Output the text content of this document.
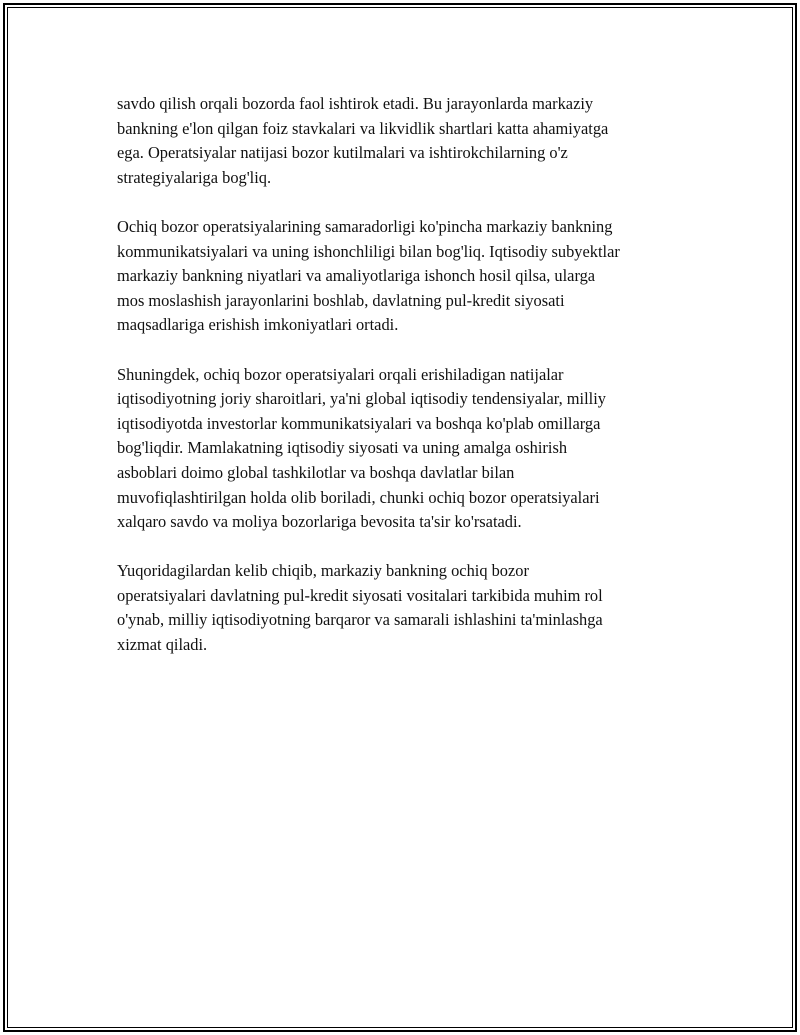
savdo qilish orqali bozorda faol ishtirok etadi. Bu jarayonlarda markaziy
bankning e'lon qilgan foiz stavkalari va likvidlik shartlari katta ahamiyatga
ega. Operatsiyalar natijasi bozor kutilmalari va ishtirokchilarning o'z
strategiyalariga bog'liq.

Ochiq bozor operatsiyalarining samaradorligi ko'pincha markaziy bankning
kommunikatsiyalari va uning ishonchliligi bilan bog'liq. Iqtisodiy subyektlar
markaziy bankning niyatlari va amaliyotlariga ishonch hosil qilsa, ularga
mos moslashish jarayonlarini boshlab, davlatning pul-kredit siyosati
maqsadlariga erishish imkoniyatlari ortadi.

Shuningdek, ochiq bozor operatsiyalari orqali erishiladigan natijalar
iqtisodiyotning joriy sharoitlari, ya'ni global iqtisodiy tendensiyalar, milliy
iqtisodiyotda investorlar kommunikatsiyalari va boshqa ko'plab omillarga
bog'liqdir. Mamlakatning iqtisodiy siyosati va uning amalga oshirish
asboblari doimo global tashkilotlar va boshqa davlatlar bilan
muvofiqlashtirilgan holda olib boriladi, chunki ochiq bozor operatsiyalari
xalqaro savdo va moliya bozorlariga bevosita ta'sir ko'rsatadi.

Yuqoridagilardan kelib chiqib, markaziy bankning ochiq bozor
operatsiyalari davlatning pul-kredit siyosati vositalari tarkibida muhim rol
o'ynab, milliy iqtisodiyotning barqaror va samarali ishlashini ta'minlashga
xizmat qiladi.
